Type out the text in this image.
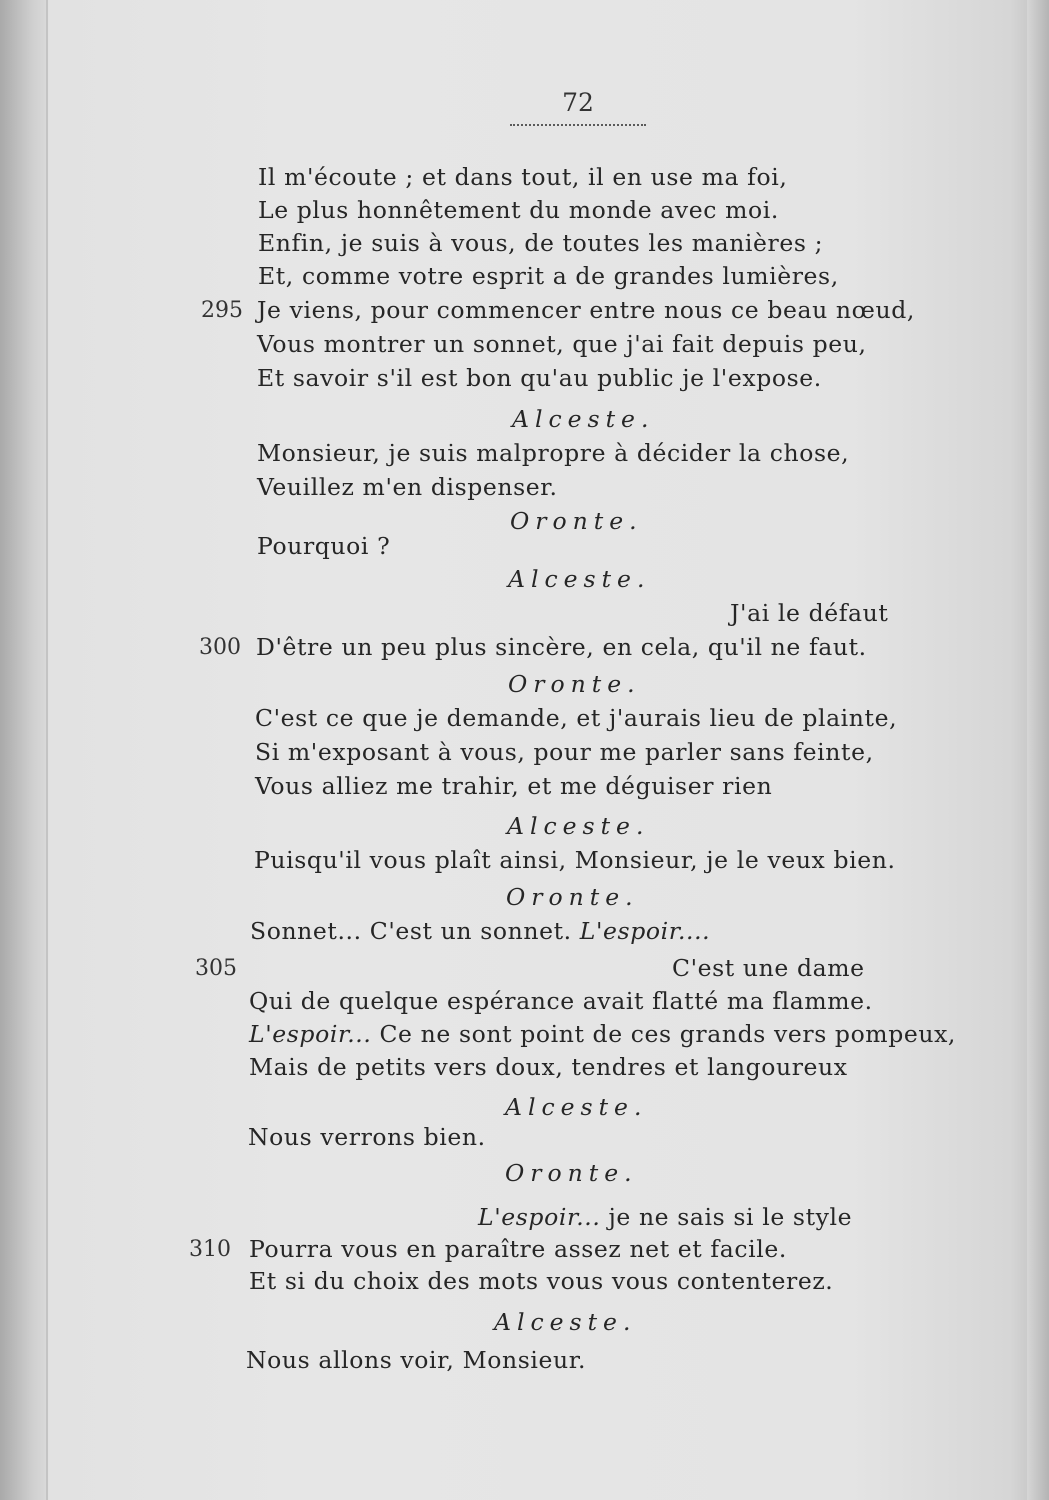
72
Il m'écoute ; et dans tout, il en use ma foi,
Le plus honnêtement du monde avec moi.
Enfin, je suis à vous, de toutes les manières ;
Et, comme votre esprit a de grandes lumières,
295 Je viens, pour commencer entre nous ce beau nœud,
Vous montrer un sonnet, que j'ai fait depuis peu,
Et savoir s'il est bon qu'au public je l'expose.
Alceste.
Monsieur, je suis malpropre à décider la chose,
Veuillez m'en dispenser.
Oronte.
Pourquoi ?
Alceste.
J'ai le défaut
300 D'être un peu plus sincère, en cela, qu'il ne faut.
Oronte.
C'est ce que je demande, et j'aurais lieu de plainte,
Si m'exposant à vous, pour me parler sans feinte,
Vous alliez me trahir, et me déguiser rien
Alceste.
Puisqu'il vous plaît ainsi, Monsieur, je le veux bien.
Oronte.
Sonnet... C'est un sonnet. L'espoir....
305	C'est une dame
Qui de quelque espérance avait flatté ma flamme.
L'espoir... Ce ne sont point de ces grands vers pompeux,
Mais de petits vers doux, tendres et langoureux
Alceste.
Nous verrons bien.
Oronte.
L'espoir... je ne sais si le style
310 Pourra vous en paraître assez net et facile.
Et si du choix des mots vous vous contenterez.
Alceste.
Nous allons voir, Monsieur.
